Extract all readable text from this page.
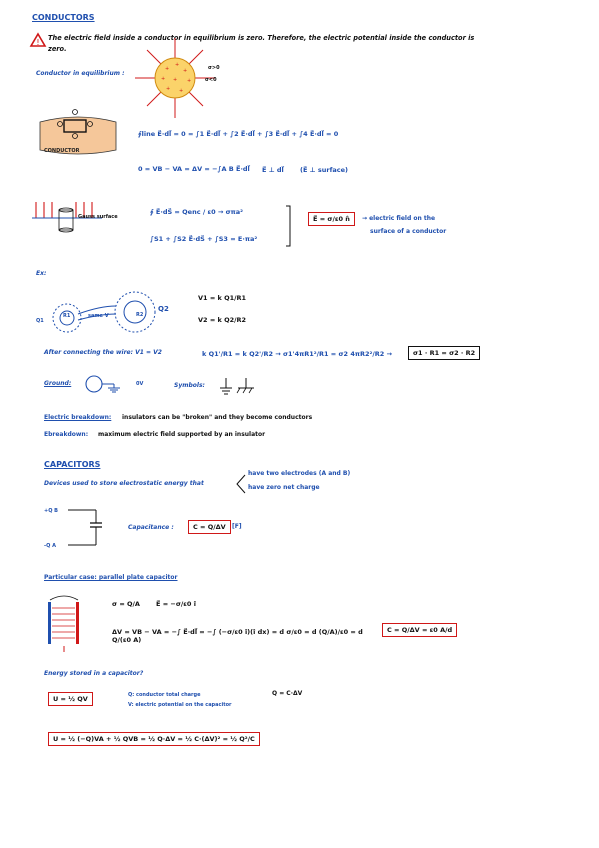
CONDUCTORS
! The electric field inside a conductor in equilibrium is zero. Therefore, the electric potential inside the conductor is
zero.
Conductor in equilibrium :
+
+
+
+	+
+ +
+
σ>0
σ<0
CONDUCTOR
∮line E⃗·dl⃗ = 0 = ∫1 E⃗·dl⃗ + ∫2 E⃗·dl⃗ + ∫3 E⃗·dl⃗ + ∫4 E⃗·dl⃗ = 0
0 = VB − VA = ΔV = −∫A B E⃗·dl⃗ E⃗ ⊥ dl⃗ (E⃗ ⊥ surface)
Gauss surface
∮ E⃗·dS⃗ = Qenc / ε0 → σπa²
∫S1 + ∫S2 E⃗·dS⃗ + ∫S3 = E·πa²
E⃗ = σ/ε0 n̂	→ electric field on the
surface of a conductor
Ex:
Q1
R1	same V	R2
Q2
V1 = k Q1/R1
V2 = k Q2/R2
After connecting the wire: V1 = V2	k Q1'/R1 = k Q2'/R2 → σ1'4πR1²/R1 = σ2 4πR2²/R2 →	σ1 · R1 = σ2 · R2
Ground:	0V	Symbols:
Electric breakdown: insulators can be "broken" and they become conductors
Ebreakdown: maximum electric field supported by an insulator
CAPACITORS
Devices used to store electrostatic energy that
have two electrodes (A and B)
have zero net charge
+Q B
-Q A
Capacitance :	C = Q/ΔV	[F]
Particular case: parallel plate capacitor
σ = Q/A E⃗ = −σ/ε0 î
ΔV = VB − VA = −∫ E⃗·dl⃗ = −∫ (−σ/ε0 î)(î dx) = d σ/ε0 = d (Q/A)/ε0 = d Q/(ε0 A)
C = Q/ΔV = ε0 A/d
Energy stored in a capacitor?
U = ½ QV	Q: conductor total charge
V: electric potential on the capacitor
Q = C·ΔV
U = ½ (−Q)VA + ½ QVB = ½ Q·ΔV = ½ C·(ΔV)² = ½ Q²/C
